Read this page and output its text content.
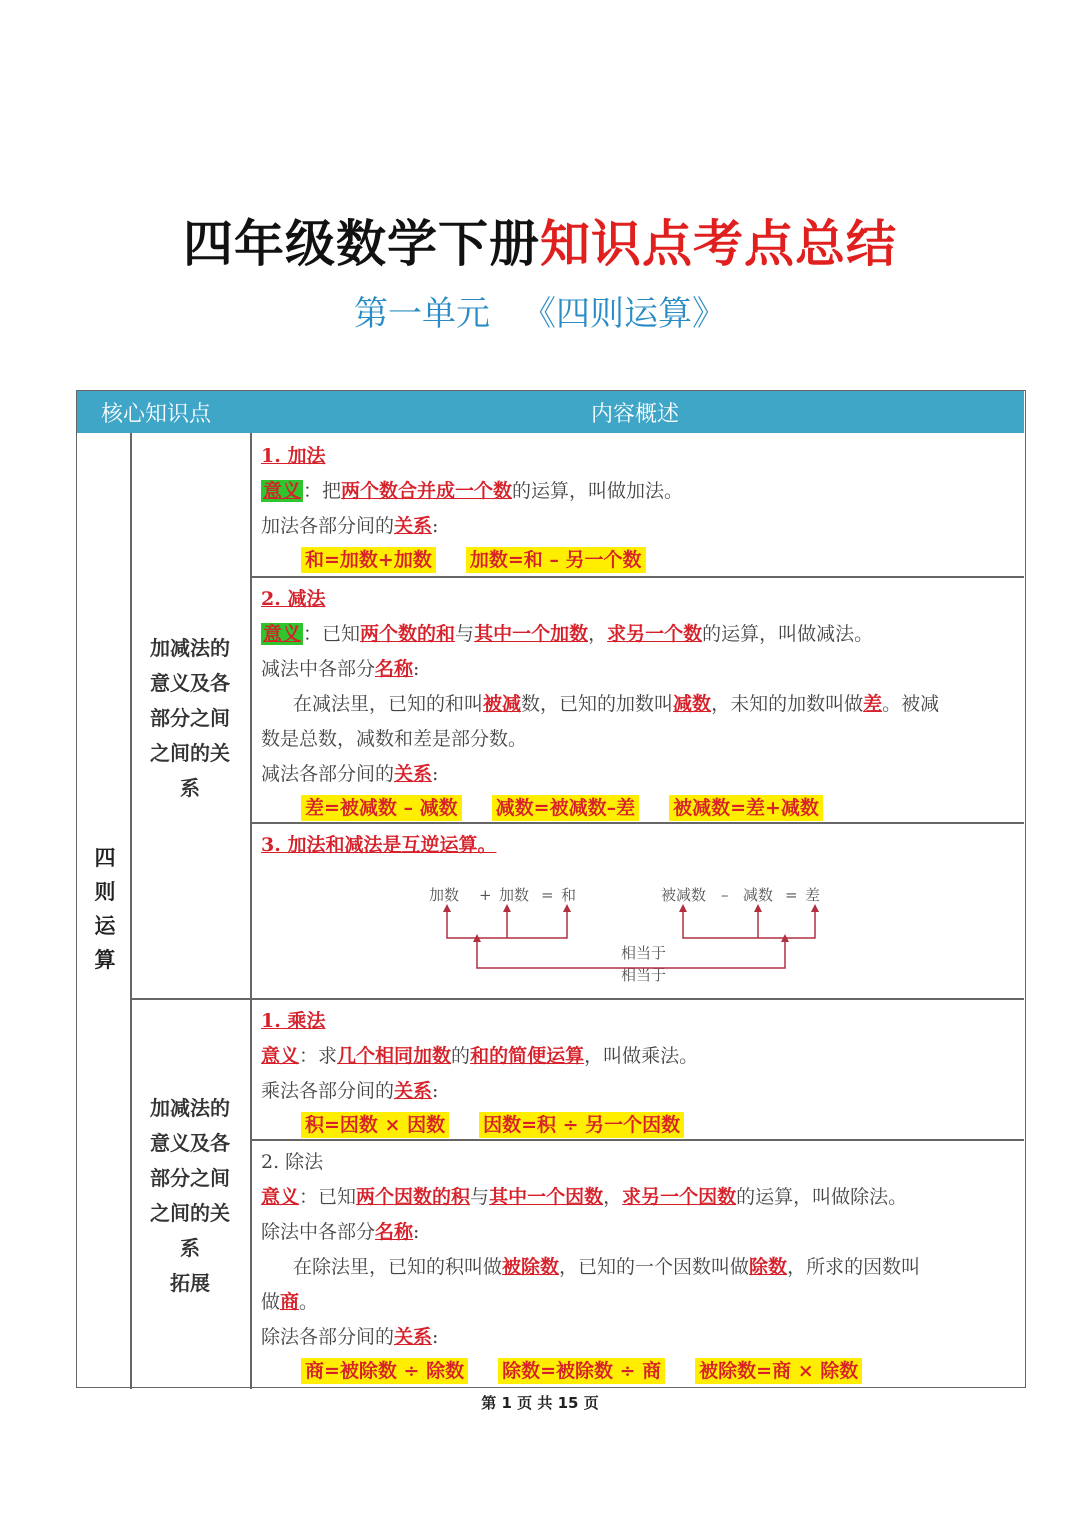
四年级数学下册知识点考点总结
第一单元 《四则运算》
核心知识点	内容概述
四
则
运
算
加减法的
意义及各
部分之间
之间的关
系
加减法的
意义及各
部分之间
之间的关
系
拓展
1. 加法
意义 ：把两个数合并成一个数的运算，叫做加法。
加法各部分间的关系:
和=加数+加数 加数=和 – 另一个数
2. 减法
意义 ：已知两个数的和与其中一个加数，求另一个数的运算，叫做减法。
减法中各部分名称:
在减法里，已知的和叫被减数，已知的加数叫减数，未知的加数叫做差。被减
数是总数，减数和差是部分数。
减法各部分间的关系:
差=被减数 – 减数 减数=被减数–差 被减数=差+减数
3. 加法和减法是互逆运算。
加数 + 加数 = 和	被减数 – 减数 = 差
相当于
相当于
1. 乘法
意义：求几个相同加数的和的简便运算，叫做乘法。
乘法各部分间的关系:
积=因数 × 因数 因数=积 ÷ 另一个因数
2. 除法
意义：已知两个因数的积与其中一个因数，求另一个因数的运算，叫做除法。
除法中各部分名称:
在除法里，已知的积叫做被除数，已知的一个因数叫做除数，所求的因数叫
做商。
除法各部分间的关系:
商=被除数 ÷ 除数 除数=被除数 ÷ 商 被除数=商 × 除数
第 1 页 共 15 页
